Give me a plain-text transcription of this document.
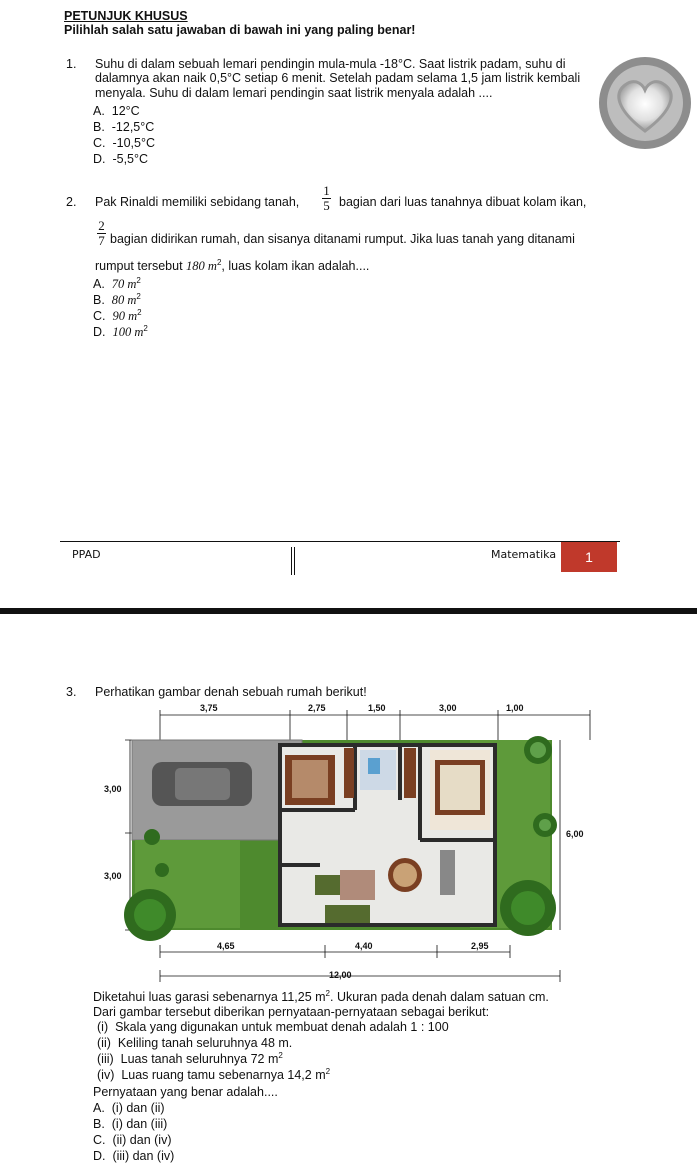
PETUNJUK KHUSUS
Pilihlah salah satu jawaban di bawah ini yang paling benar!
1. Suhu di dalam sebuah lemari pendingin mula-mula -18°C. Saat listrik padam, suhu di
dalamnya akan naik 0,5°C setiap 6 menit. Setelah padam selama 1,5 jam listrik kembali
menyala. Suhu di dalam lemari pendingin saat listrik menyala adalah ....
A. 12°C
B. -12,5°C
C. -10,5°C
D. -5,5°C
2. Pak Rinaldi memiliki sebidang tanah,
1
5 bagian dari luas tanahnya dibuat kolam ikan,
2
7 bagian didirikan rumah, dan sisanya ditanami rumput. Jika luas tanah yang ditanami
rumput tersebut 180 $m^2$, luas kolam ikan adalah....
A. 70 $m^2$
B. 80 $m^2$
C. 90 $m^2$
D. 100 $m^2$
PPAD	Matematika 1
3. Perhatikan gambar denah sebuah rumah berikut!
3,75	2,75	1,50	3,00	1,00
3,00
3,00
6,00
4,65	4,40	2,95
12,00
Diketahui luas garasi sebenarnya 11,25 $m^2$. Ukuran pada denah dalam satuan cm.
Dari gambar tersebut diberikan pernyataan-pernyataan sebagai berikut:
(i) Skala yang digunakan untuk membuat denah adalah 1 : 100
(ii) Keliling tanah seluruhnya 48 m.
(iii) Luas tanah seluruhnya 72 $m^2$
(iv) Luas ruang tamu sebenarnya 14,2 $m^2$
Pernyataan yang benar adalah....
A. (i) dan (ii)
B. (i) dan (iii)
C. (ii) dan (iv)
D. (iii) dan (iv)
